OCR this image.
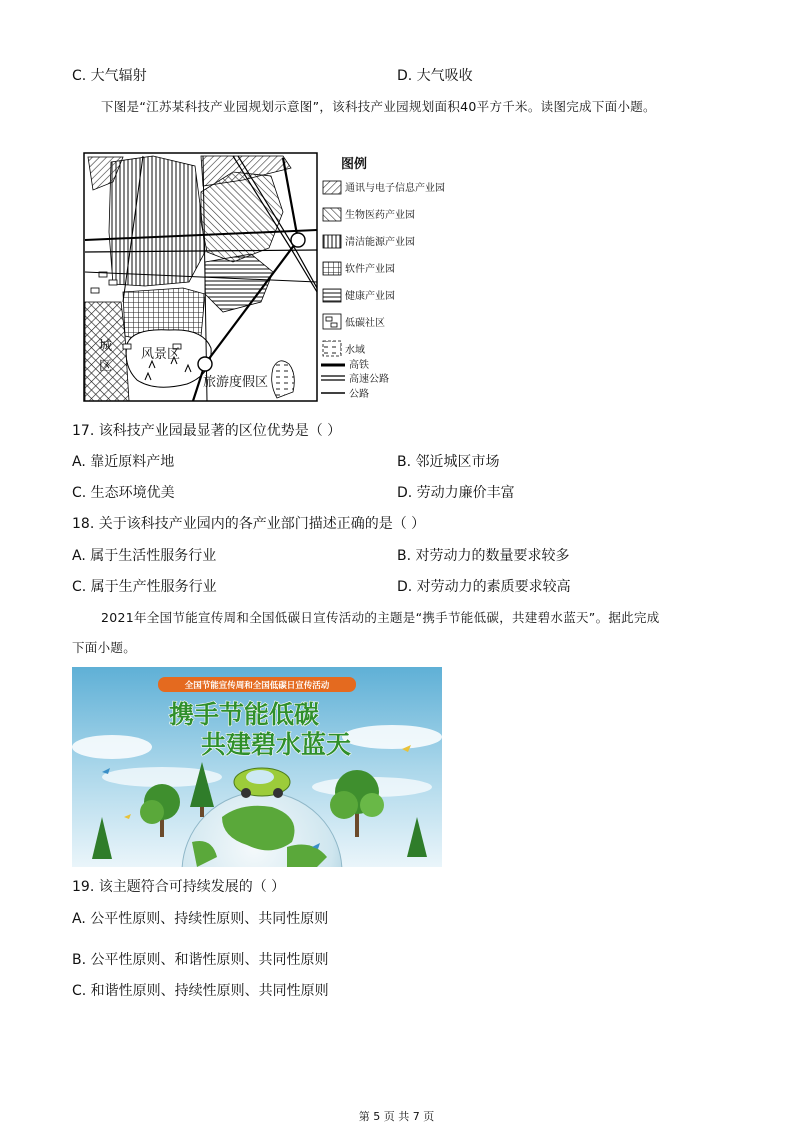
C. 大气辐射	D. 大气吸收
下图是“江苏某科技产业园规划示意图”，该科技产业园规划面积40平方千米。读图完成下面小题。
城
区
风景区
旅游度假区
图例
通讯与电子信息产业园
生物医药产业园
清洁能源产业园
软件产业园
健康产业园
低碳社区
水域
高铁
高速公路
公路
17. 该科技产业园最显著的区位优势是（ ）
A. 靠近原料产地	B. 邻近城区市场
C. 生态环境优美	D. 劳动力廉价丰富
18. 关于该科技产业园内的各产业部门描述正确的是（ ）
A. 属于生活性服务行业	B. 对劳动力的数量要求较多
C. 属于生产性服务行业	D. 对劳动力的素质要求较高
2021年全国节能宣传周和全国低碳日宣传活动的主题是“携手节能低碳，共建碧水蓝天”。据此完成
下面小题。
全国节能宣传周和全国低碳日宣传活动
携手节能低碳
共建碧水蓝天
19. 该主题符合可持续发展的（ ）
A. 公平性原则、持续性原则、共同性原则
B. 公平性原则、和谐性原则、共同性原则
C. 和谐性原则、持续性原则、共同性原则
第 5 页 共 7 页
